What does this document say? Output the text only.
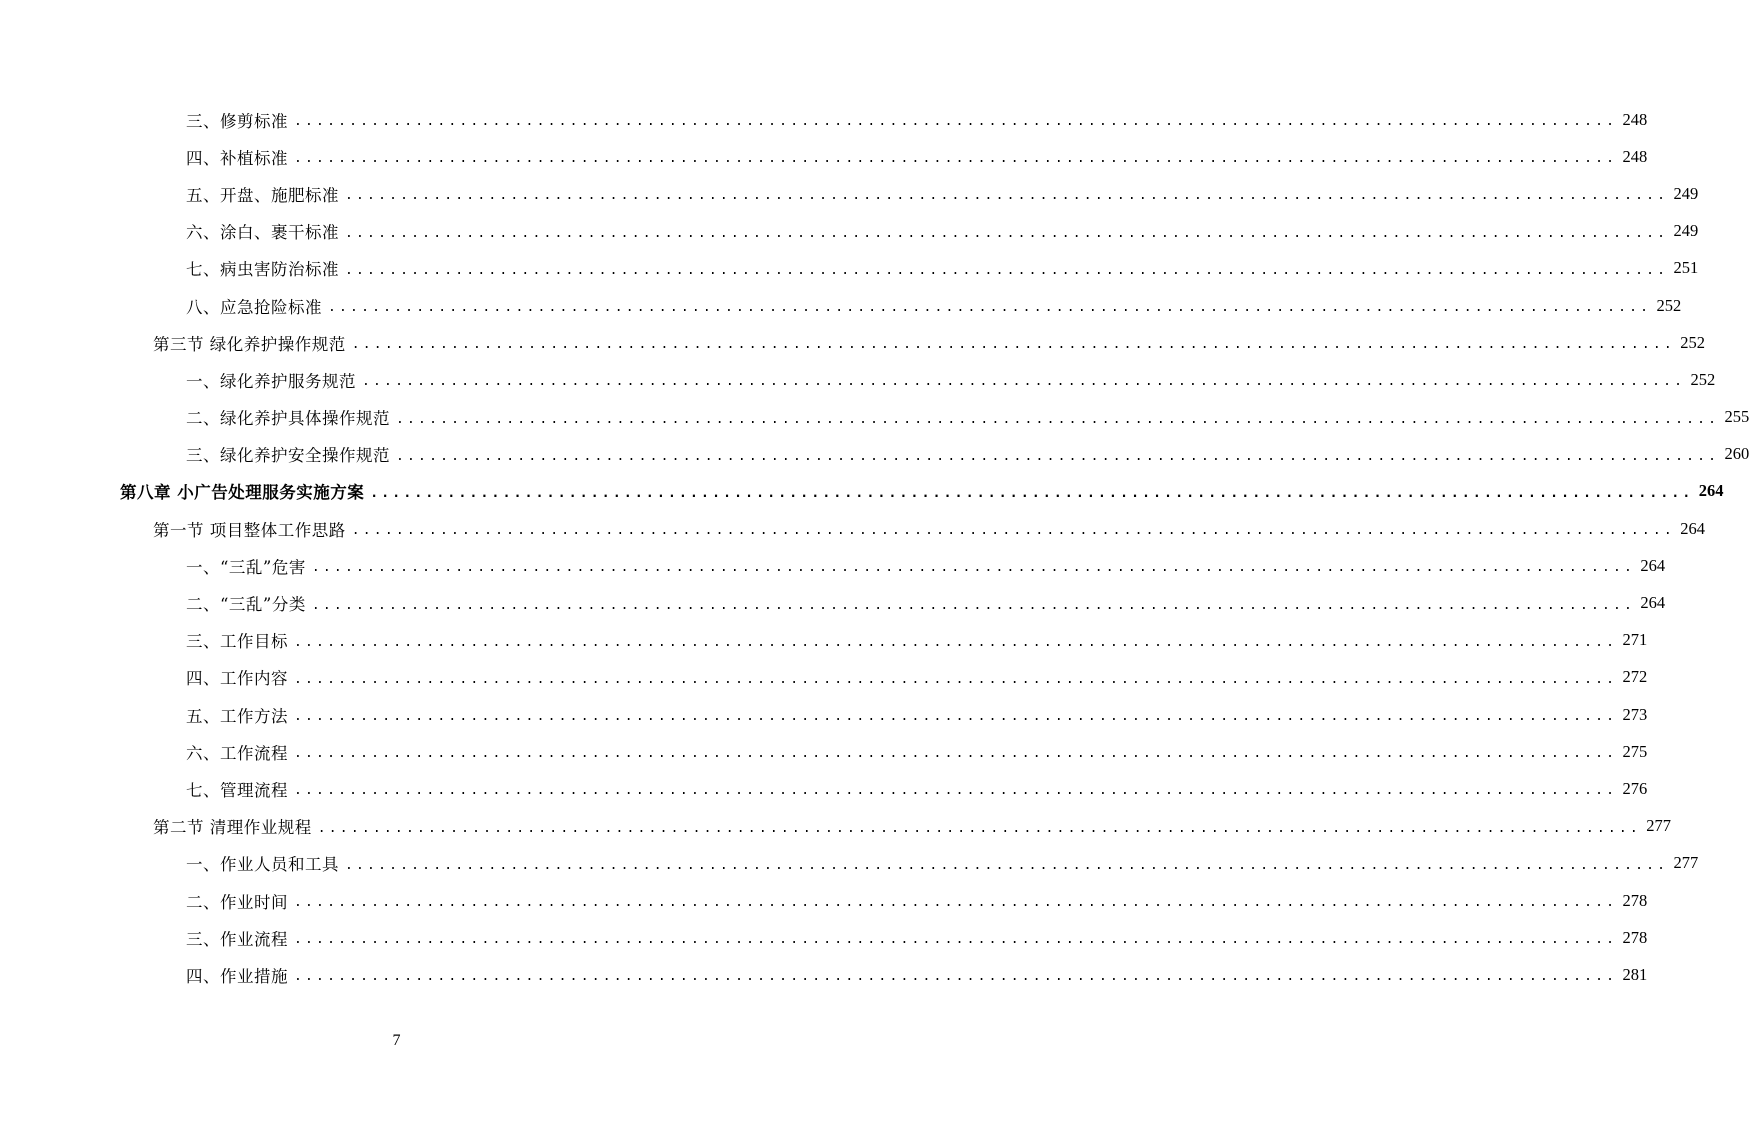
三、修剪标准 ........................................................................................................................ 248
四、补植标准 ........................................................................................................................ 248
五、开盘、施肥标准 ........................................................................................................................ 249
六、涂白、裹干标准 ........................................................................................................................ 249
七、病虫害防治标准 ........................................................................................................................ 251
八、应急抢险标准 ........................................................................................................................ 252
第三节 绿化养护操作规范 ........................................................................................................................ 252
一、绿化养护服务规范 ........................................................................................................................ 252
二、绿化养护具体操作规范 ........................................................................................................................ 255
三、绿化养护安全操作规范 ........................................................................................................................ 260
第八章 小广告处理服务实施方案 ........................................................................................................................ 264
第一节 项目整体工作思路 ........................................................................................................................ 264
一、“三乱”危害 ........................................................................................................................ 264
二、“三乱”分类 ........................................................................................................................ 264
三、工作目标 ........................................................................................................................ 271
四、工作内容 ........................................................................................................................ 272
五、工作方法 ........................................................................................................................ 273
六、工作流程 ........................................................................................................................ 275
七、管理流程 ........................................................................................................................ 276
第二节 清理作业规程 ........................................................................................................................ 277
一、作业人员和工具 ........................................................................................................................ 277
二、作业时间 ........................................................................................................................ 278
三、作业流程 ........................................................................................................................ 278
四、作业措施 ........................................................................................................................ 281
7
